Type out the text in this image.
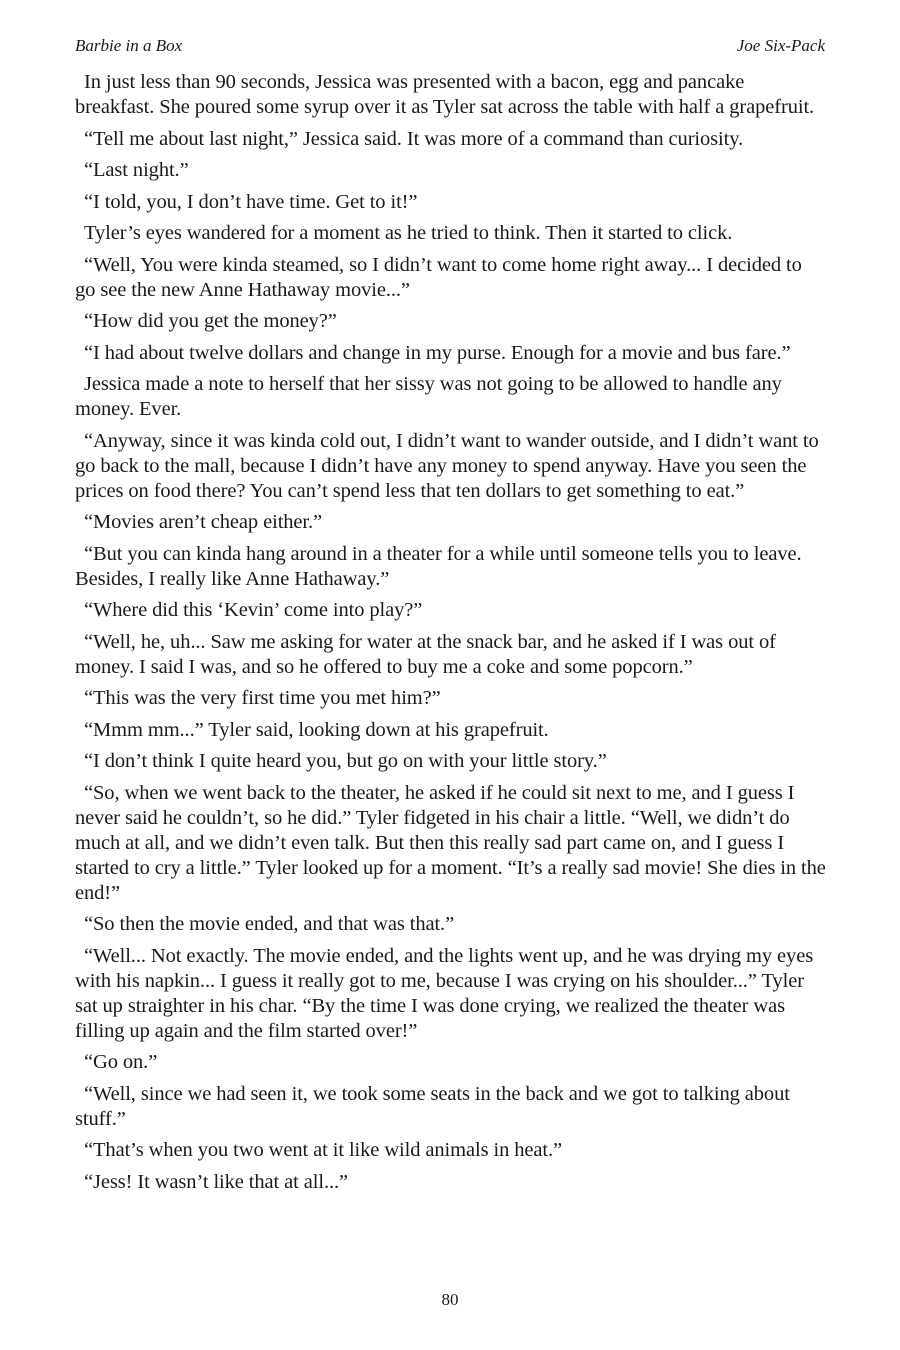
Barbie in a Box	Joe Six-Pack

In just less than 90 seconds, Jessica was presented with a bacon, egg and pancake breakfast. She poured some syrup over it as Tyler sat across the table with half a grapefruit.

“Tell me about last night,” Jessica said. It was more of a command than curiosity.

“Last night.”

“I told, you, I don’t have time. Get to it!”

Tyler’s eyes wandered for a moment as he tried to think. Then it started to click.

“Well, You were kinda steamed, so I didn’t want to come home right away... I decided to go see the new Anne Hathaway movie...”

“How did you get the money?”

“I had about twelve dollars and change in my purse. Enough for a movie and bus fare.”

Jessica made a note to herself that her sissy was not going to be allowed to handle any money. Ever.

“Anyway, since it was kinda cold out, I didn’t want to wander outside, and I didn’t want to go back to the mall, because I didn’t have any money to spend anyway. Have you seen the prices on food there? You can’t spend less that ten dollars to get something to eat.”

“Movies aren’t cheap either.”

“But you can kinda hang around in a theater for a while until someone tells you to leave. Besides, I really like Anne Hathaway.”

“Where did this ‘Kevin’ come into play?”

“Well, he, uh... Saw me asking for water at the snack bar, and he asked if I was out of money. I said I was, and so he offered to buy me a coke and some popcorn.”

“This was the very first time you met him?”

“Mmm mm...” Tyler said, looking down at his grapefruit.

“I don’t think I quite heard you, but go on with your little story.”

“So, when we went back to the theater, he asked if he could sit next to me, and I guess I never said he couldn’t, so he did.” Tyler fidgeted in his chair a little. “Well, we didn’t do much at all, and we didn’t even talk. But then this really sad part came on, and I guess I started to cry a little.” Tyler looked up for a moment. “It’s a really sad movie! She dies in the end!”

“So then the movie ended, and that was that.”

“Well... Not exactly. The movie ended, and the lights went up, and he was drying my eyes with his napkin... I guess it really got to me, because I was crying on his shoulder...” Tyler sat up straighter in his char. “By the time I was done crying, we realized the theater was filling up again and the film started over!”

“Go on.”

“Well, since we had seen it, we took some seats in the back and we got to talking about stuff.”

“That’s when you two went at it like wild animals in heat.”

“Jess! It wasn’t like that at all...”

80
